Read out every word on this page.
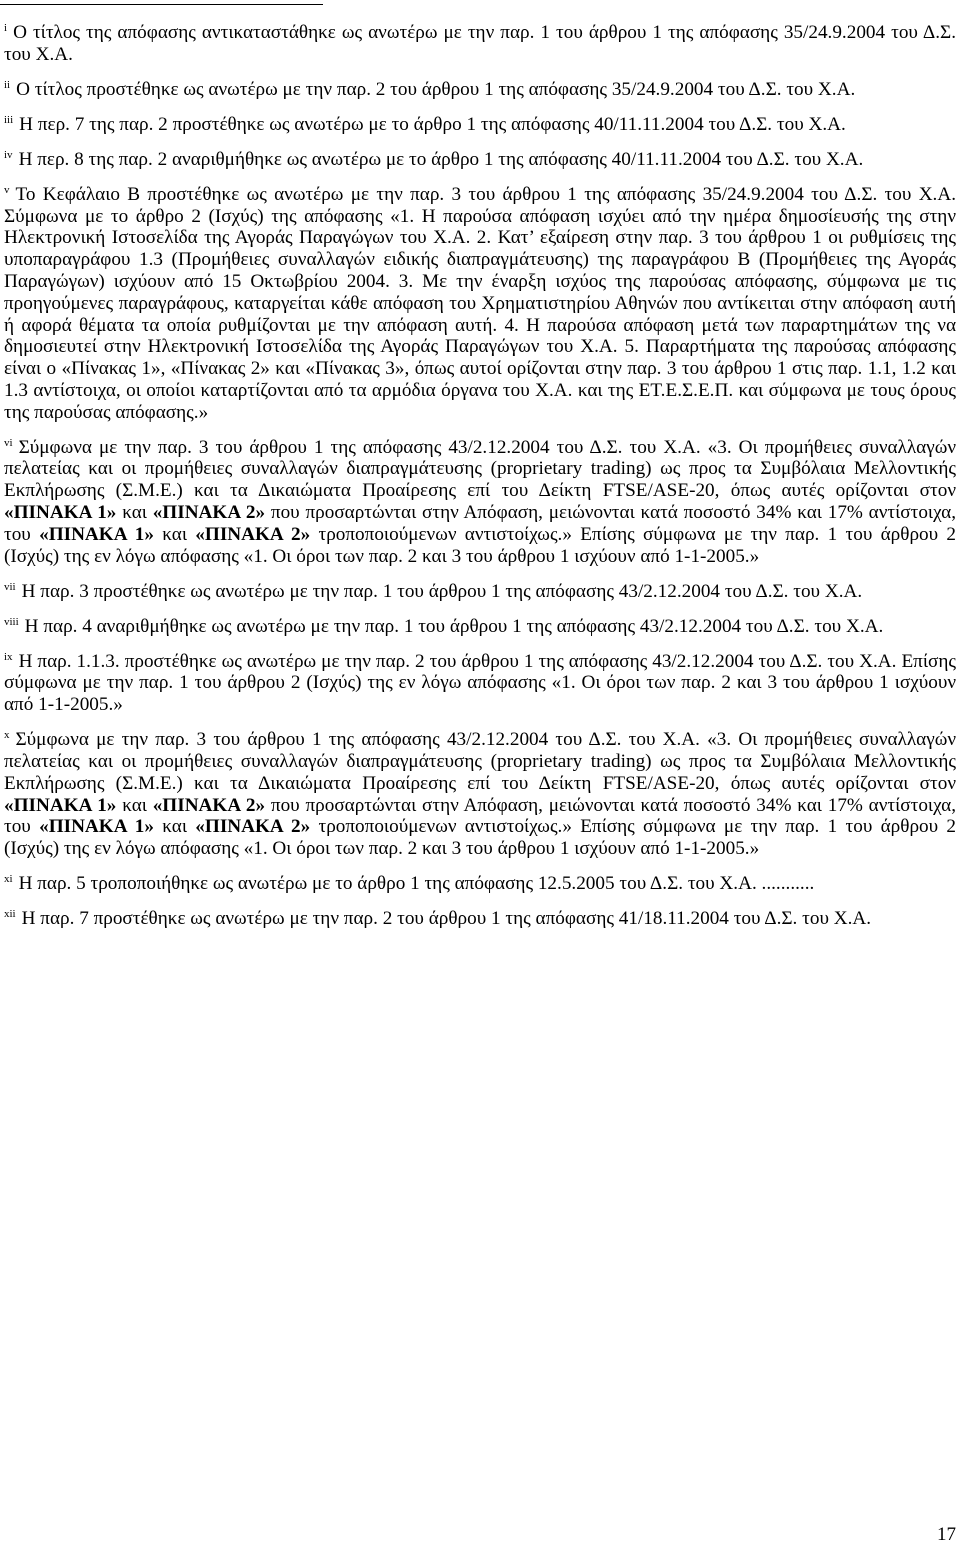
$^i$ Ο τίτλος της απόφασης αντικαταστάθηκε ως ανωτέρω με την παρ. 1 του άρθρου 1 της απόφασης 35/24.9.2004 του Δ.Σ. του Χ.Α.

$^{ii}$ Ο τίτλος προστέθηκε ως ανωτέρω με την παρ. 2 του άρθρου 1 της απόφασης 35/24.9.2004 του Δ.Σ. του Χ.Α.

$^{iii}$ Η περ. 7 της παρ. 2 προστέθηκε ως ανωτέρω με το άρθρο 1 της απόφασης 40/11.11.2004 του Δ.Σ. του Χ.Α.

$^{iv}$ Η περ. 8 της παρ. 2 αναριθμήθηκε ως ανωτέρω με το άρθρο 1 της απόφασης 40/11.11.2004 του Δ.Σ. του Χ.Α.

$^v$ Το Κεφάλαιο Β προστέθηκε ως ανωτέρω με την παρ. 3 του άρθρου 1 της απόφασης 35/24.9.2004 του Δ.Σ. του Χ.Α. Σύμφωνα με το άρθρο 2 (Ισχύς) της απόφασης «1. Η παρούσα απόφαση ισχύει από την ημέρα δημοσίευσής της στην Ηλεκτρονική Ιστοσελίδα της Αγοράς Παραγώγων του Χ.Α. 2. Κατ’ εξαίρεση στην παρ. 3 του άρθρου 1 οι ρυθμίσεις της υποπαραγράφου 1.3 (Προμήθειες συναλλαγών ειδικής διαπραγμάτευσης) της παραγράφου Β (Προμήθειες της Αγοράς Παραγώγων) ισχύουν από 15 Οκτωβρίου 2004. 3. Με την έναρξη ισχύος της παρούσας απόφασης, σύμφωνα με τις προηγούμενες παραγράφους, καταργείται κάθε απόφαση του Χρηματιστηρίου Αθηνών που αντίκειται στην απόφαση αυτή ή αφορά θέματα τα οποία ρυθμίζονται με την απόφαση αυτή. 4. Η παρούσα απόφαση μετά των παραρτημάτων της να δημοσιευτεί στην Ηλεκτρονική Ιστοσελίδα της Αγοράς Παραγώγων του Χ.Α. 5. Παραρτήματα της παρούσας απόφασης είναι ο «Πίνακας 1», «Πίνακας 2» και «Πίνακας 3», όπως αυτοί ορίζονται στην παρ. 3 του άρθρου 1 στις παρ. 1.1, 1.2 και 1.3 αντίστοιχα, οι οποίοι καταρτίζονται από τα αρμόδια όργανα του Χ.Α. και της ΕΤ.Ε.Σ.Ε.Π. και σύμφωνα με τους όρους της παρούσας απόφασης.»

$^{vi}$ Σύμφωνα με την παρ. 3 του άρθρου 1 της απόφασης 43/2.12.2004 του Δ.Σ. του Χ.Α. «3. Οι προμήθειες συναλλαγών πελατείας και οι προμήθειες συναλλαγών διαπραγμάτευσης (proprietary trading) ως προς τα Συμβόλαια Μελλοντικής Εκπλήρωσης (Σ.Μ.Ε.) και τα Δικαιώματα Προαίρεσης επί του Δείκτη FTSE/ASE-20, όπως αυτές ορίζονται στον «ΠΙΝΑΚΑ 1» και «ΠΙΝΑΚΑ 2» που προσαρτώνται στην Απόφαση, μειώνονται κατά ποσοστό 34% και 17% αντίστοιχα, του «ΠΙΝΑΚΑ 1» και «ΠΙΝΑΚΑ 2» τροποποιούμενων αντιστοίχως.» Επίσης σύμφωνα με την παρ. 1 του άρθρου 2 (Ισχύς) της εν λόγω απόφασης «1. Οι όροι των παρ. 2 και 3 του άρθρου 1 ισχύουν από 1-1-2005.»

$^{vii}$ Η παρ. 3 προστέθηκε ως ανωτέρω με την παρ. 1 του άρθρου 1 της απόφασης 43/2.12.2004 του Δ.Σ. του Χ.Α.

$^{viii}$ Η παρ. 4 αναριθμήθηκε ως ανωτέρω με την παρ. 1 του άρθρου 1 της απόφασης 43/2.12.2004 του Δ.Σ. του Χ.Α.

$^{ix}$ Η παρ. 1.1.3. προστέθηκε ως ανωτέρω με την παρ. 2 του άρθρου 1 της απόφασης 43/2.12.2004 του Δ.Σ. του Χ.Α. Επίσης σύμφωνα με την παρ. 1 του άρθρου 2 (Ισχύς) της εν λόγω απόφασης «1. Οι όροι των παρ. 2 και 3 του άρθρου 1 ισχύουν από 1-1-2005.»

$^x$ Σύμφωνα με την παρ. 3 του άρθρου 1 της απόφασης 43/2.12.2004 του Δ.Σ. του Χ.Α. «3. Οι προμήθειες συναλλαγών πελατείας και οι προμήθειες συναλλαγών διαπραγμάτευσης (proprietary trading) ως προς τα Συμβόλαια Μελλοντικής Εκπλήρωσης (Σ.Μ.Ε.) και τα Δικαιώματα Προαίρεσης επί του Δείκτη FTSE/ASE-20, όπως αυτές ορίζονται στον «ΠΙΝΑΚΑ 1» και «ΠΙΝΑΚΑ 2» που προσαρτώνται στην Απόφαση, μειώνονται κατά ποσοστό 34% και 17% αντίστοιχα, του «ΠΙΝΑΚΑ 1» και «ΠΙΝΑΚΑ 2» τροποποιούμενων αντιστοίχως.» Επίσης σύμφωνα με την παρ. 1 του άρθρου 2 (Ισχύς) της εν λόγω απόφασης «1. Οι όροι των παρ. 2 και 3 του άρθρου 1 ισχύουν από 1-1-2005.»

$^{xi}$ Η παρ. 5 τροποποιήθηκε ως ανωτέρω με το άρθρο 1 της απόφασης 12.5.2005 του Δ.Σ. του Χ.Α. ...........

$^{xii}$ Η παρ. 7 προστέθηκε ως ανωτέρω με την παρ. 2 του άρθρου 1 της απόφασης 41/18.11.2004 του Δ.Σ. του Χ.Α.

17
